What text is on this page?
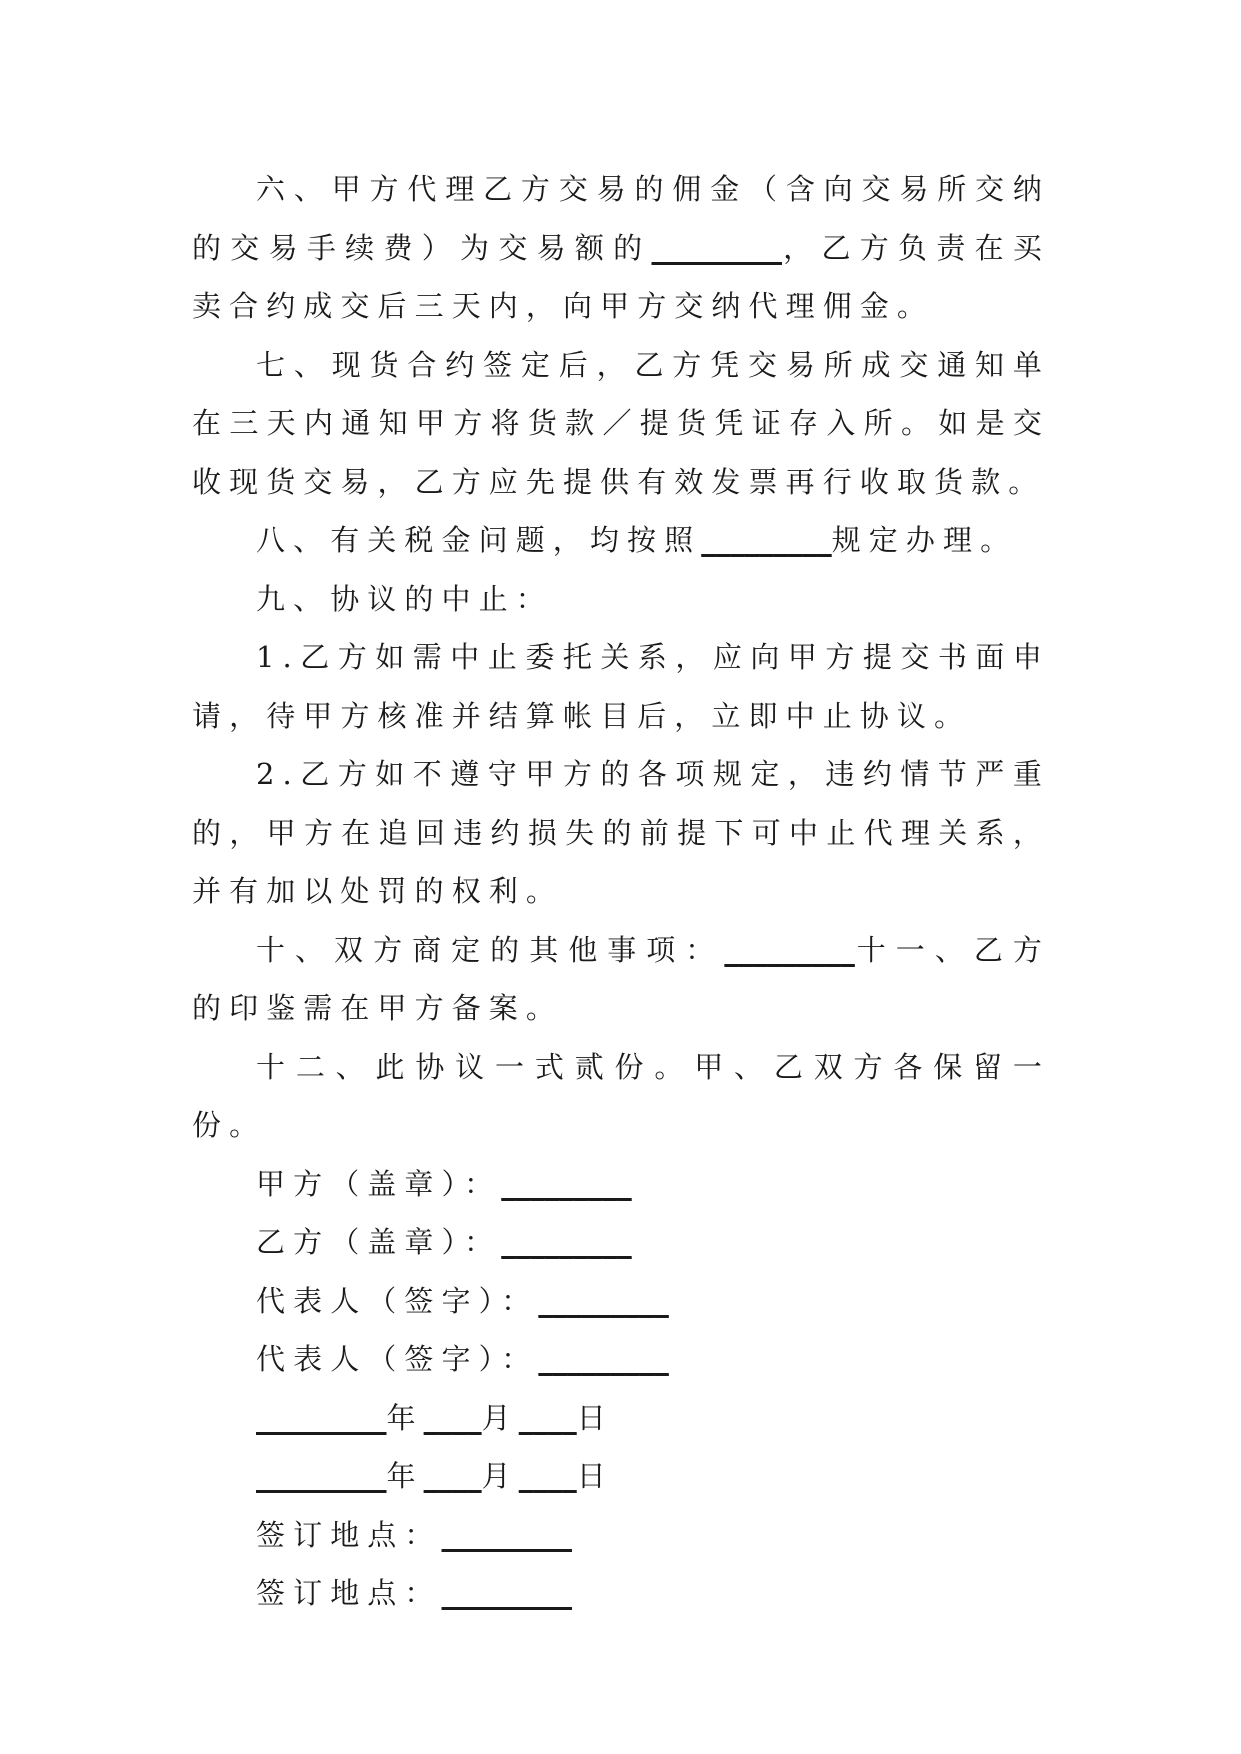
六、甲方代理乙方交易的佣金（含向交易所交纳的交易手续费）为交易额的_________，乙方负责在买卖合约成交后三天内，向甲方交纳代理佣金。

七、现货合约签定后，乙方凭交易所成交通知单在三天内通知甲方将货款／提货凭证存入所。如是交收现货交易，乙方应先提供有效发票再行收取货款。

八、有关税金问题，均按照_________规定办理。

九、协议的中止：

1.乙方如需中止委托关系，应向甲方提交书面申请，待甲方核准并结算帐目后，立即中止协议。

2.乙方如不遵守甲方的各项规定，违约情节严重的，甲方在追回违约损失的前提下可中止代理关系，并有加以处罚的权利。

十、双方商定的其他事项：_________十一、乙方的印鉴需在甲方备案。

十二、此协议一式贰份。甲、乙双方各保留一份。

甲方（盖章）：_________

乙方（盖章）：_________

代表人（签字）：_________

代表人（签字）：_________

_________年____月____日

_________年____月____日

签订地点：_________

签订地点：_________
